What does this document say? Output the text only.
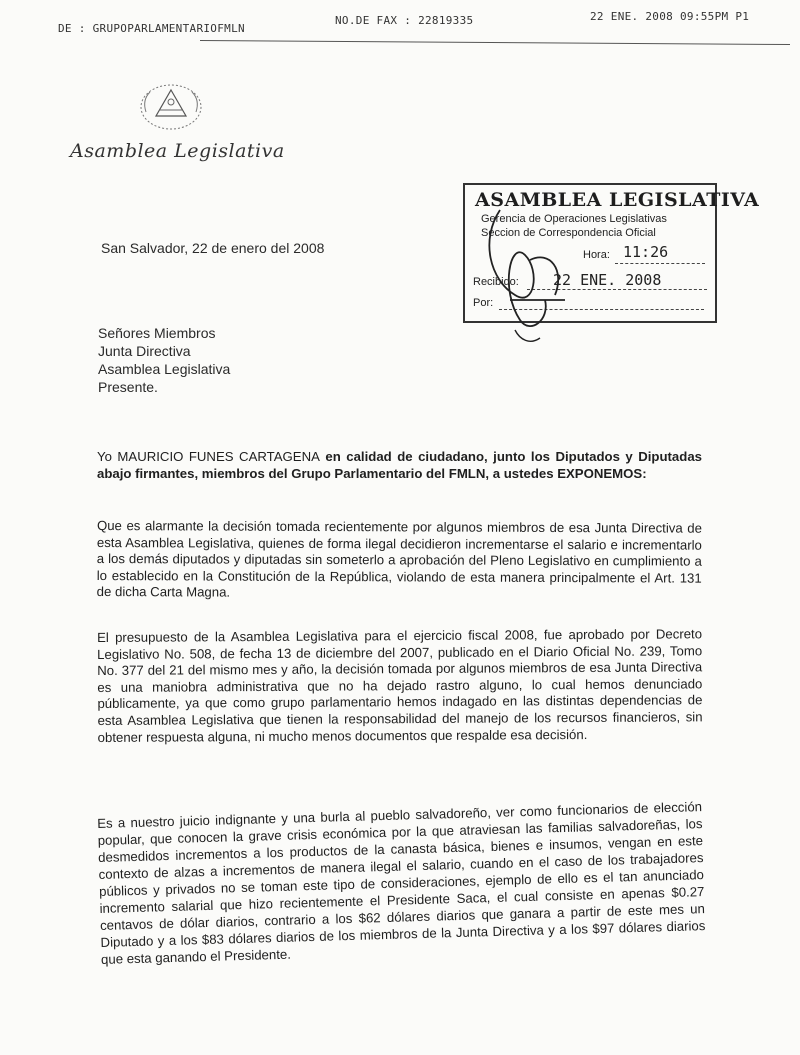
DE : GRUPOPARLAMENTARIOFMLN
NO.DE FAX : 22819335	22 ENE. 2008 09:55PM P1
Asamblea Legislativa
ASAMBLEA LEGISLATIVA
Gerencia de Operaciones Legislativas
Seccion de Correspondencia Oficial
Hora: 11:26
Recibido: 22 ENE. 2008
Por:
San Salvador, 22 de enero del 2008
Señores Miembros
Junta Directiva
Asamblea Legislativa
Presente.

Yo MAURICIO FUNES CARTAGENA en calidad de ciudadano, junto los Diputados y Diputadas abajo firmantes, miembros del Grupo Parlamentario del FMLN, a ustedes EXPONEMOS:

Que es alarmante la decisión tomada recientemente por algunos miembros de esa Junta Directiva de esta Asamblea Legislativa, quienes de forma ilegal decidieron incrementarse el salario e incrementarlo a los demás diputados y diputadas sin someterlo a aprobación del Pleno Legislativo en cumplimiento a lo establecido en la Constitución de la República, violando de esta manera principalmente el Art. 131 de dicha Carta Magna.

El presupuesto de la Asamblea Legislativa para el ejercicio fiscal 2008, fue aprobado por Decreto Legislativo No. 508, de fecha 13 de diciembre del 2007, publicado en el Diario Oficial No. 239, Tomo No. 377 del 21 del mismo mes y año, la decisión tomada por algunos miembros de esa Junta Directiva es una maniobra administrativa que no ha dejado rastro alguno, lo cual hemos denunciado públicamente, ya que como grupo parlamentario hemos indagado en las distintas dependencias de esta Asamblea Legislativa que tienen la responsabilidad del manejo de los recursos financieros, sin obtener respuesta alguna, ni mucho menos documentos que respalde esa decisión.

Es a nuestro juicio indignante y una burla al pueblo salvadoreño, ver como funcionarios de elección popular, que conocen la grave crisis económica por la que atraviesan las familias salvadoreñas, los desmedidos incrementos a los productos de la canasta básica, bienes e insumos, vengan en este contexto de alzas a incrementos de manera ilegal el salario, cuando en el caso de los trabajadores públicos y privados no se toman este tipo de consideraciones, ejemplo de ello es el tan anunciado incremento salarial que hizo recientemente el Presidente Saca, el cual consiste en apenas $0.27 centavos de dólar diarios, contrario a los $62 dólares diarios que ganara a partir de este mes un Diputado y a los $83 dólares diarios de los miembros de la Junta Directiva y a los $97 dólares diarios que esta ganando el Presidente.
